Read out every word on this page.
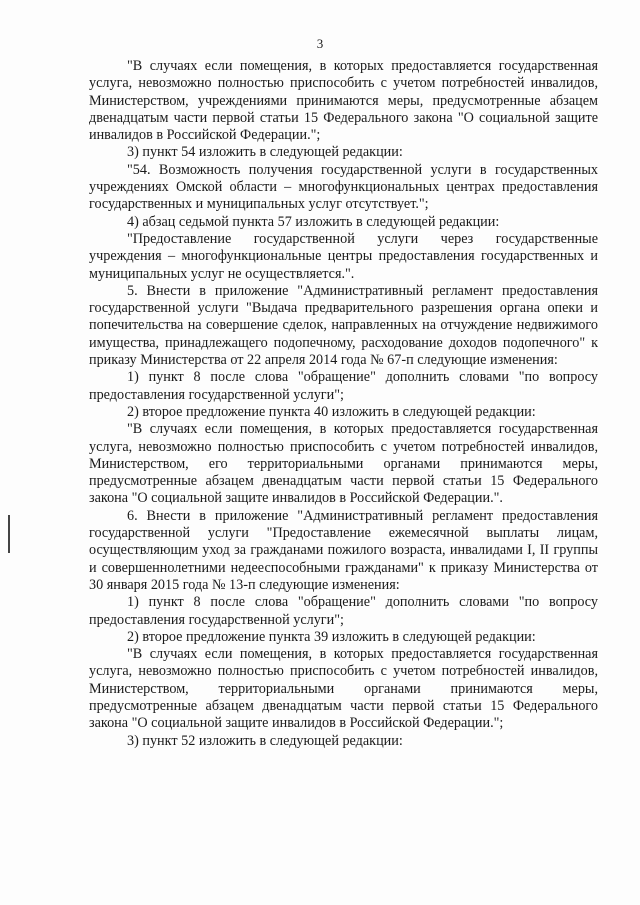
3

"В случаях если помещения, в которых предоставляется государственная услуга, невозможно полностью приспособить с учетом потребностей инвалидов, Министерством, учреждениями принимаются меры, предусмотренные абзацем двенадцатым части первой статьи 15 Федерального закона "О социальной защите инвалидов в Российской Федерации.";

3) пункт 54 изложить в следующей редакции:

"54. Возможность получения государственной услуги в государственных учреждениях Омской области – многофункциональных центрах предоставления государственных и муниципальных услуг отсутствует.";

4) абзац седьмой пункта 57 изложить в следующей редакции:

"Предоставление государственной услуги через государственные учреждения – многофункциональные центры предоставления государственных и муниципальных услуг не осуществляется.".

5. Внести в приложение "Административный регламент предоставления государственной услуги "Выдача предварительного разрешения органа опеки и попечительства на совершение сделок, направленных на отчуждение недвижимого имущества, принадлежащего подопечному, расходование доходов подопечного" к приказу Министерства от 22 апреля 2014 года № 67-п следующие изменения:

1) пункт 8 после слова "обращение" дополнить словами "по вопросу предоставления государственной услуги";

2) второе предложение пункта 40 изложить в следующей редакции:

"В случаях если помещения, в которых предоставляется государственная услуга, невозможно полностью приспособить с учетом потребностей инвалидов, Министерством, его территориальными органами принимаются меры, предусмотренные абзацем двенадцатым части первой статьи 15 Федерального закона "О социальной защите инвалидов в Российской Федерации.".

6. Внести в приложение "Административный регламент предоставления государственной услуги "Предоставление ежемесячной выплаты лицам, осуществляющим уход за гражданами пожилого возраста, инвалидами I, II группы и совершеннолетними недееспособными гражданами" к приказу Министерства от 30 января 2015 года № 13-п следующие изменения:

1) пункт 8 после слова "обращение" дополнить словами "по вопросу предоставления государственной услуги";

2) второе предложение пункта 39 изложить в следующей редакции:

"В случаях если помещения, в которых предоставляется государственная услуга, невозможно полностью приспособить с учетом потребностей инвалидов, Министерством, территориальными органами принимаются меры, предусмотренные абзацем двенадцатым части первой статьи 15 Федерального закона "О социальной защите инвалидов в Российской Федерации.";

3) пункт 52 изложить в следующей редакции:
